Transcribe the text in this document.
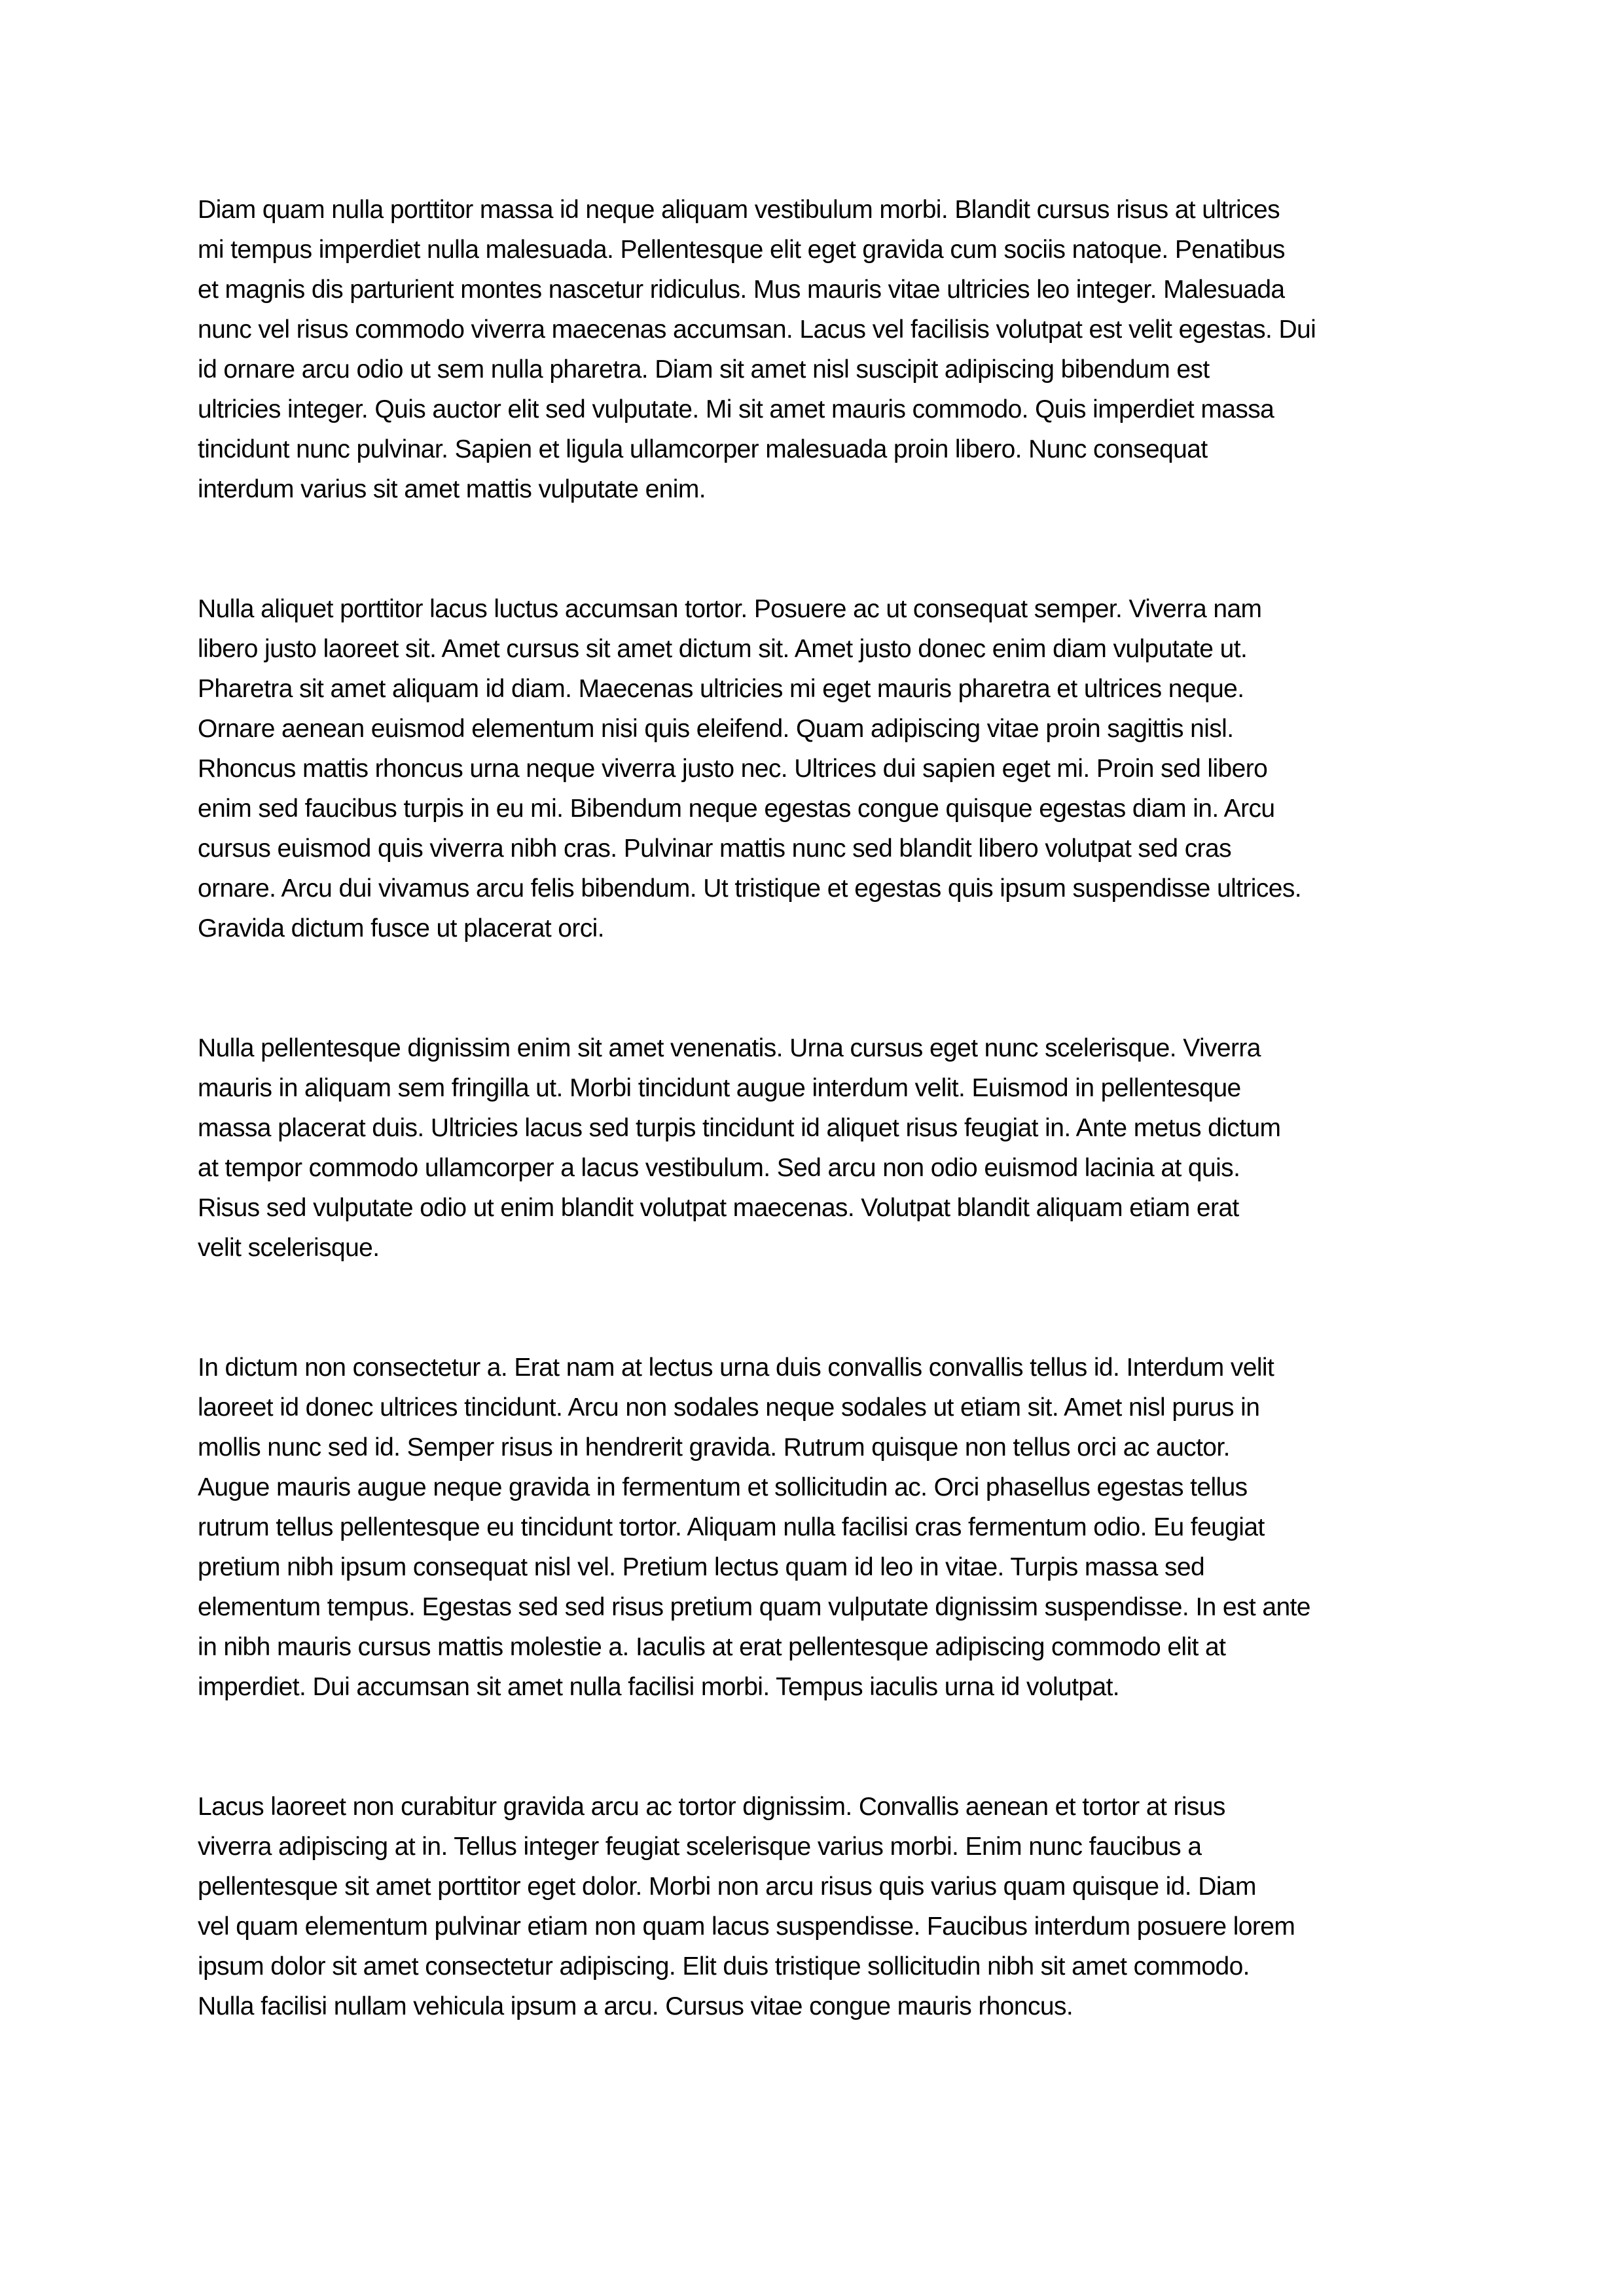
Diam quam nulla porttitor massa id neque aliquam vestibulum morbi. Blandit cursus risus at ultrices
mi tempus imperdiet nulla malesuada. Pellentesque elit eget gravida cum sociis natoque. Penatibus
et magnis dis parturient montes nascetur ridiculus. Mus mauris vitae ultricies leo integer. Malesuada
nunc vel risus commodo viverra maecenas accumsan. Lacus vel facilisis volutpat est velit egestas. Dui
id ornare arcu odio ut sem nulla pharetra. Diam sit amet nisl suscipit adipiscing bibendum est
ultricies integer. Quis auctor elit sed vulputate. Mi sit amet mauris commodo. Quis imperdiet massa
tincidunt nunc pulvinar. Sapien et ligula ullamcorper malesuada proin libero. Nunc consequat
interdum varius sit amet mattis vulputate enim.

Nulla aliquet porttitor lacus luctus accumsan tortor. Posuere ac ut consequat semper. Viverra nam
libero justo laoreet sit. Amet cursus sit amet dictum sit. Amet justo donec enim diam vulputate ut.
Pharetra sit amet aliquam id diam. Maecenas ultricies mi eget mauris pharetra et ultrices neque.
Ornare aenean euismod elementum nisi quis eleifend. Quam adipiscing vitae proin sagittis nisl.
Rhoncus mattis rhoncus urna neque viverra justo nec. Ultrices dui sapien eget mi. Proin sed libero
enim sed faucibus turpis in eu mi. Bibendum neque egestas congue quisque egestas diam in. Arcu
cursus euismod quis viverra nibh cras. Pulvinar mattis nunc sed blandit libero volutpat sed cras
ornare. Arcu dui vivamus arcu felis bibendum. Ut tristique et egestas quis ipsum suspendisse ultrices.
Gravida dictum fusce ut placerat orci.

Nulla pellentesque dignissim enim sit amet venenatis. Urna cursus eget nunc scelerisque. Viverra
mauris in aliquam sem fringilla ut. Morbi tincidunt augue interdum velit. Euismod in pellentesque
massa placerat duis. Ultricies lacus sed turpis tincidunt id aliquet risus feugiat in. Ante metus dictum
at tempor commodo ullamcorper a lacus vestibulum. Sed arcu non odio euismod lacinia at quis.
Risus sed vulputate odio ut enim blandit volutpat maecenas. Volutpat blandit aliquam etiam erat
velit scelerisque.

In dictum non consectetur a. Erat nam at lectus urna duis convallis convallis tellus id. Interdum velit
laoreet id donec ultrices tincidunt. Arcu non sodales neque sodales ut etiam sit. Amet nisl purus in
mollis nunc sed id. Semper risus in hendrerit gravida. Rutrum quisque non tellus orci ac auctor.
Augue mauris augue neque gravida in fermentum et sollicitudin ac. Orci phasellus egestas tellus
rutrum tellus pellentesque eu tincidunt tortor. Aliquam nulla facilisi cras fermentum odio. Eu feugiat
pretium nibh ipsum consequat nisl vel. Pretium lectus quam id leo in vitae. Turpis massa sed
elementum tempus. Egestas sed sed risus pretium quam vulputate dignissim suspendisse. In est ante
in nibh mauris cursus mattis molestie a. Iaculis at erat pellentesque adipiscing commodo elit at
imperdiet. Dui accumsan sit amet nulla facilisi morbi. Tempus iaculis urna id volutpat.

Lacus laoreet non curabitur gravida arcu ac tortor dignissim. Convallis aenean et tortor at risus
viverra adipiscing at in. Tellus integer feugiat scelerisque varius morbi. Enim nunc faucibus a
pellentesque sit amet porttitor eget dolor. Morbi non arcu risus quis varius quam quisque id. Diam
vel quam elementum pulvinar etiam non quam lacus suspendisse. Faucibus interdum posuere lorem
ipsum dolor sit amet consectetur adipiscing. Elit duis tristique sollicitudin nibh sit amet commodo.
Nulla facilisi nullam vehicula ipsum a arcu. Cursus vitae congue mauris rhoncus.
